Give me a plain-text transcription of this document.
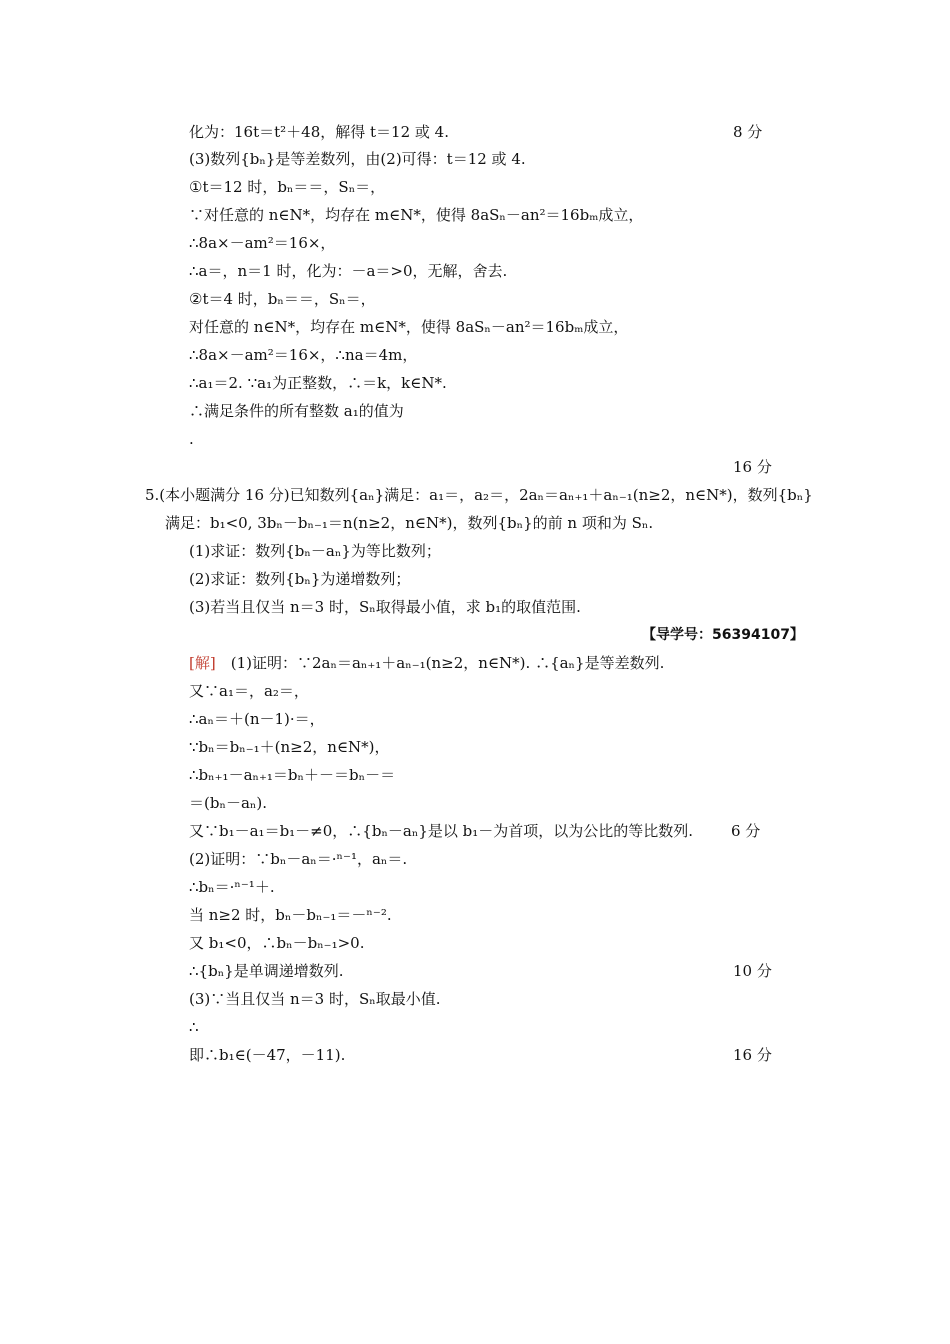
化为：16t＝t²＋48，解得 t＝12 或 4.	8 分
(3)数列{bₙ}是等差数列，由(2)可得：t＝12 或 4.
①t＝12 时，bₙ＝＝，Sₙ＝，
∵对任意的 n∈N*，均存在 m∈N*，使得 8aSₙ－an²＝16bₘ成立，
∴8a×－am²＝16×，
∴a＝，n＝1 时，化为：－a＝>0，无解，舍去.
②t＝4 时，bₙ＝＝，Sₙ＝，
对任意的 n∈N*，均存在 m∈N*，使得 8aSₙ－an²＝16bₘ成立，
∴8a×－am²＝16×，∴na＝4m，
∴a₁＝2. ∵a₁为正整数，∴＝k，k∈N*.
∴满足条件的所有整数 a₁的值为
.
16 分
5.(本小题满分 16 分)已知数列{aₙ}满足：a₁＝，a₂＝，2aₙ＝aₙ₊₁＋aₙ₋₁(n≥2，n∈N*)，数列{bₙ}
满足：b₁<0, 3bₙ－bₙ₋₁＝n(n≥2，n∈N*)，数列{bₙ}的前 n 项和为 Sₙ.
(1)求证：数列{bₙ－aₙ}为等比数列；
(2)求证：数列{bₙ}为递增数列；
(3)若当且仅当 n＝3 时，Sₙ取得最小值，求 b₁的取值范围.
【导学号：56394107】
[解]　(1)证明：∵2aₙ＝aₙ₊₁＋aₙ₋₁(n≥2，n∈N*). ∴{aₙ}是等差数列.
又∵a₁＝，a₂＝，
∴aₙ＝＋(n－1)·＝，
∵bₙ＝bₙ₋₁＋(n≥2，n∈N*)，
∴bₙ₊₁－aₙ₊₁＝bₙ＋－＝bₙ－＝
＝(bₙ－aₙ).
又∵b₁－a₁＝b₁－≠0，∴{bₙ－aₙ}是以 b₁－为首项，以为公比的等比数列.	6 分
(2)证明：∵bₙ－aₙ＝·ⁿ⁻¹，aₙ＝.
∴bₙ＝·ⁿ⁻¹＋.
当 n≥2 时，bₙ－bₙ₋₁＝－ⁿ⁻².
又 b₁<0，∴bₙ－bₙ₋₁>0.
∴{bₙ}是单调递增数列.	10 分
(3)∵当且仅当 n＝3 时，Sₙ取最小值.
∴
即∴b₁∈(－47，－11).	16 分
